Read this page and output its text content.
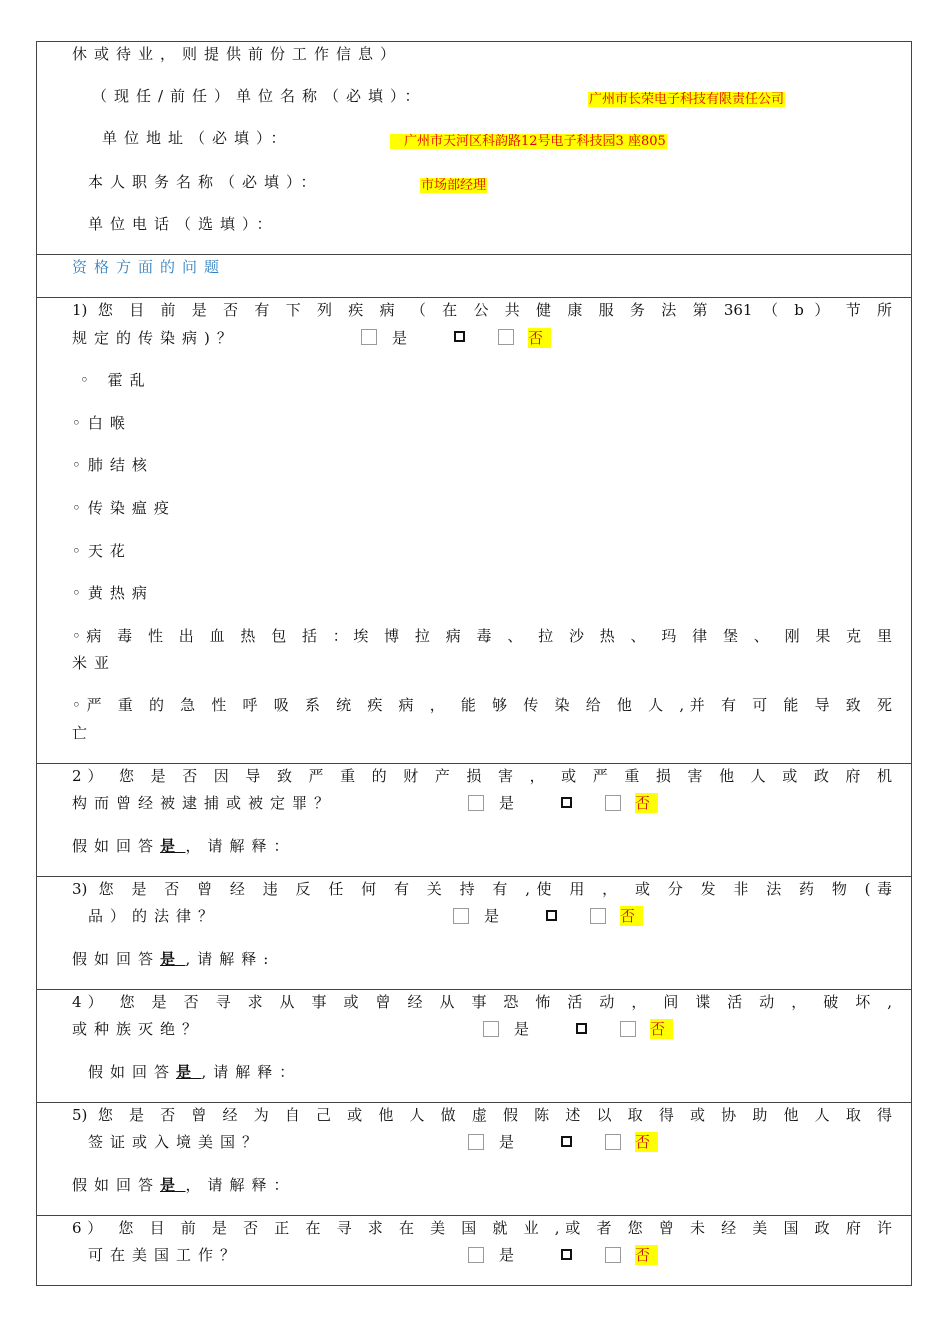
休或待业，则提供前份工作信息）
（现任/前任）单位名称（必填）：	广州市长荣电子科技有限责任公司
单位地址（必填）：	广州市天河区科韵路12号电子科技园3 座805
本人职务名称（必填）：	市场部经理
单位电话（选填）：
资格方面的问题
1) 您 目 前 是 否 有 下 列 疾 病 （ 在 公 共 健 康 服 务 法 第 361 （ b ） 节 所
规定的传染病)？	是	否
◦ 霍乱
◦白喉
◦肺结核
◦传染瘟疫
◦天花
◦黄热病
◦病 毒 性 出 血 热 包 括 ：埃 博 拉 病 毒 、 拉 沙 热 、 玛 律 堡 、 刚 果 克 里
米亚
◦严 重 的 急 性 呼 吸 系 统 疾 病 ， 能 够 传 染 给 他 人 ,并 有 可 能 导 致 死
亡
2） 您 是 否 因 导 致 严 重 的 财 产 损 害 ， 或 严 重 损 害 他 人 或 政 府 机
构而曾经被逮捕或被定罪？	是	否
假如回答是 ，请解释：
3) 您 是 否 曾 经 违 反 任 何 有 关 持 有 ,使 用 ， 或 分 发 非 法 药 物 (毒
品）的法律？	是	否
假如回答是 ,请解释:
4） 您 是 否 寻 求 从 事 或 曾 经 从 事 恐 怖 活 动 ， 间 谍 活 动 ， 破 坏 ,
或种族灭绝？	是	否
假如回答是 ,请解释：
5) 您 是 否 曾 经 为 自 己 或 他 人 做 虚 假 陈 述 以 取 得 或 协 助 他 人 取 得
签证或入境美国？	是	否
假如回答是 ，请解释：
6） 您 目 前 是 否 正 在 寻 求 在 美 国 就 业 ,或 者 您 曾 未 经 美 国 政 府 许
可在美国工作？	是	否
